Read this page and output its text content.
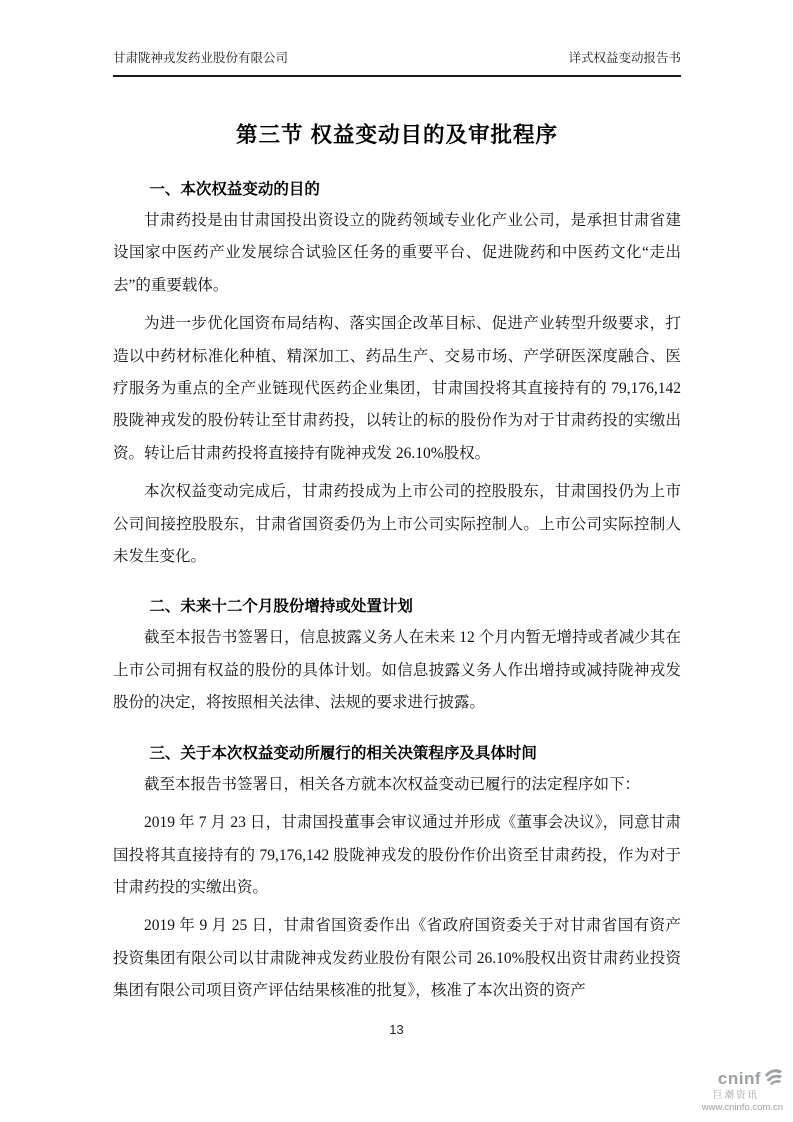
甘肃陇神戎发药业股份有限公司	详式权益变动报告书
第三节 权益变动目的及审批程序
一、本次权益变动的目的

甘肃药投是由甘肃国投出资设立的陇药领域专业化产业公司，是承担甘肃省建设国家中医药产业发展综合试验区任务的重要平台、促进陇药和中医药文化“走出去”的重要载体。

为进一步优化国资布局结构、落实国企改革目标、促进产业转型升级要求，打造以中药材标准化种植、精深加工、药品生产、交易市场、产学研医深度融合、医疗服务为重点的全产业链现代医药企业集团，甘肃国投将其直接持有的 79,176,142 股陇神戎发的股份转让至甘肃药投，以转让的标的股份作为对于甘肃药投的实缴出资。转让后甘肃药投将直接持有陇神戎发 26.10%股权。

本次权益变动完成后，甘肃药投成为上市公司的控股股东，甘肃国投仍为上市公司间接控股股东，甘肃省国资委仍为上市公司实际控制人。上市公司实际控制人未发生变化。

二、未来十二个月股份增持或处置计划

截至本报告书签署日，信息披露义务人在未来 12 个月内暂无增持或者减少其在上市公司拥有权益的股份的具体计划。如信息披露义务人作出增持或减持陇神戎发股份的决定，将按照相关法律、法规的要求进行披露。

三、关于本次权益变动所履行的相关决策程序及具体时间

截至本报告书签署日，相关各方就本次权益变动已履行的法定程序如下：

2019 年 7 月 23 日，甘肃国投董事会审议通过并形成《董事会决议》，同意甘肃国投将其直接持有的 79,176,142 股陇神戎发的股份作价出资至甘肃药投，作为对于甘肃药投的实缴出资。

2019 年 9 月 25 日，甘肃省国资委作出《省政府国资委关于对甘肃省国有资产投资集团有限公司以甘肃陇神戎发药业股份有限公司 26.10%股权出资甘肃药业投资集团有限公司项目资产评估结果核准的批复》，核准了本次出资的资产

13
cninf
巨潮资讯
www.cninfo.com.cn
